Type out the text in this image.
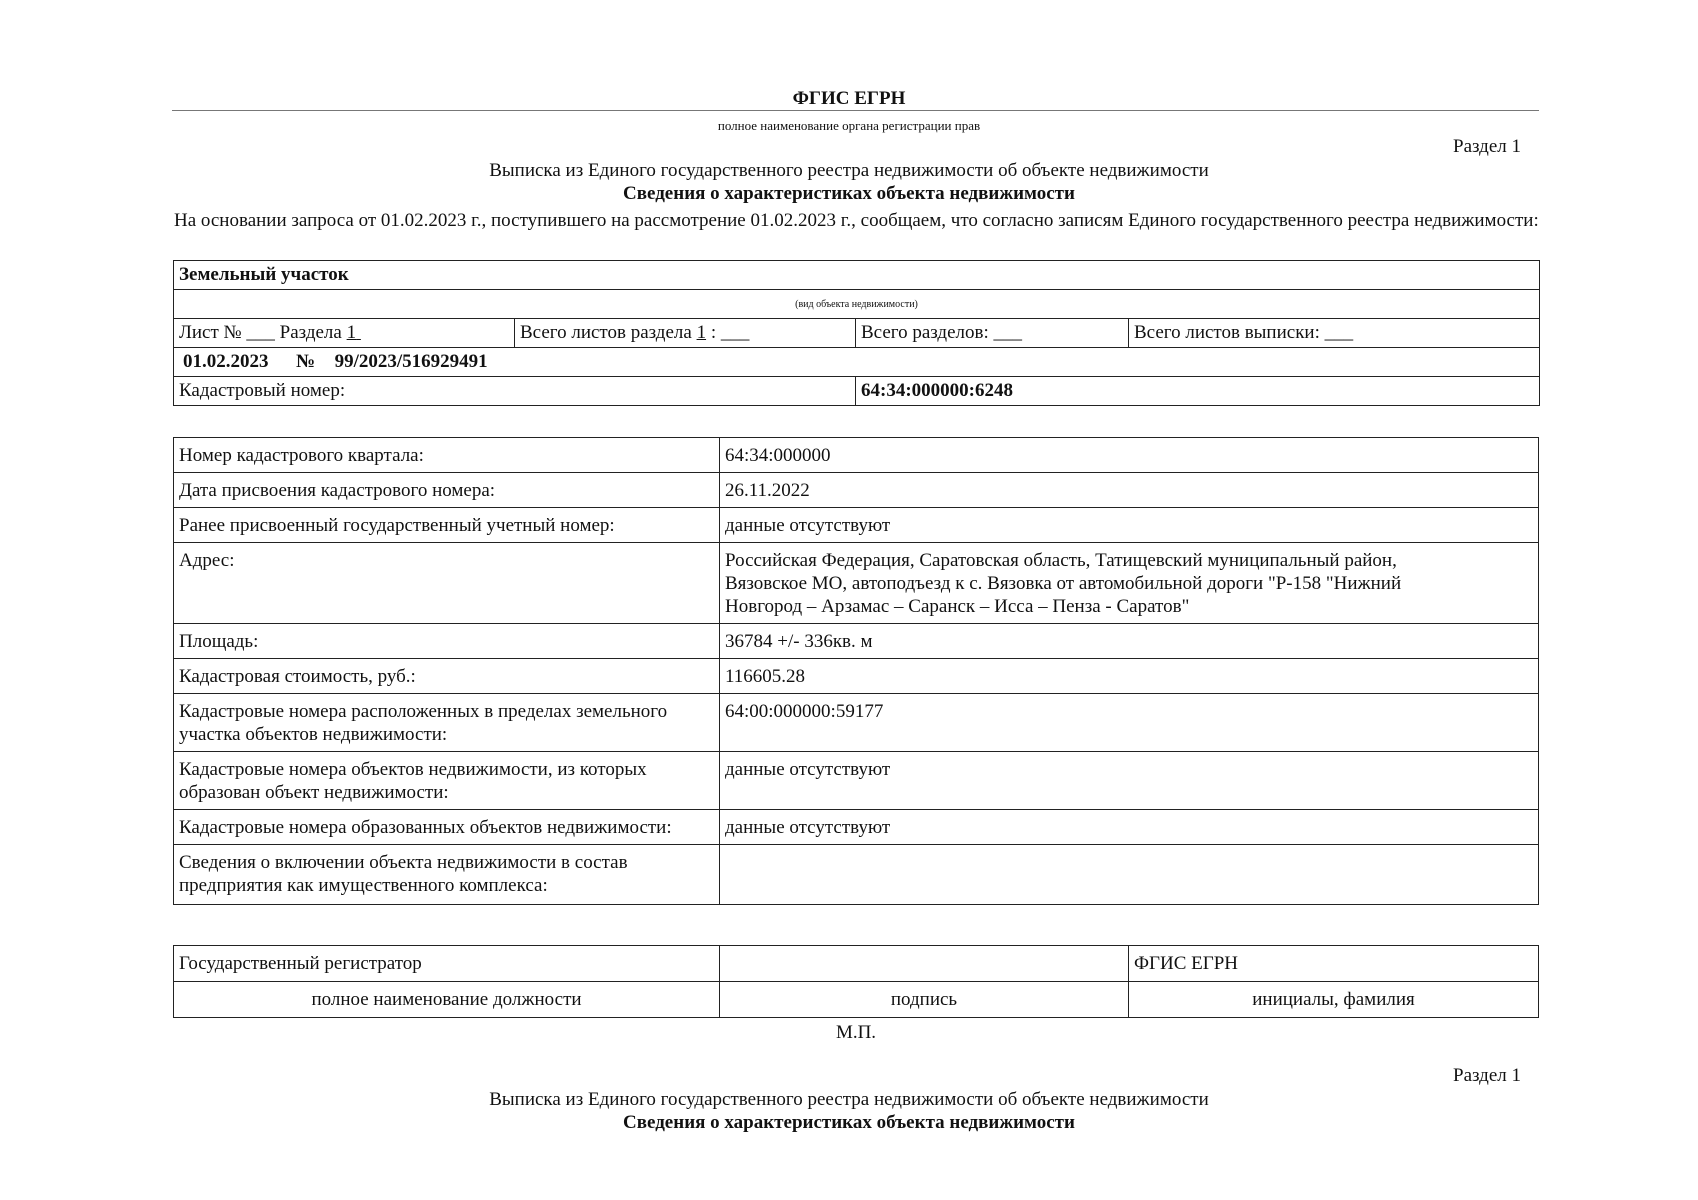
ФГИС ЕГРН
полное наименование органа регистрации прав
Раздел 1
Выписка из Единого государственного реестра недвижимости об объекте недвижимости
Сведения о характеристиках объекта недвижимости
На основании запроса от 01.02.2023 г., поступившего на рассмотрение 01.02.2023 г., сообщаем, что согласно записям Единого государственного реестра недвижимости:
Земельный участок			
(вид объекта недвижимости)			
Лист № ___ Раздела 1	Всего листов раздела 1 : ___	Всего разделов: ___	Всего листов выписки: ___
01.02.2023 № 99/2023/516929491			
Кадастровый номер:		64:34:000000:6248	
Номер кадастрового квартала:	64:34:000000
Дата присвоения кадастрового номера:	26.11.2022
Ранее присвоенный государственный учетный номер:	данные отсутствуют
Адрес:	Российская Федерация, Саратовская область, Татищевский муниципальный район, Вязовское МО, автоподъезд к с. Вязовка от автомобильной дороги "Р-158 "Нижний Новгород – Арзамас – Саранск – Исса – Пенза - Саратов"
Площадь:	36784 +/- 336кв. м
Кадастровая стоимость, руб.:	116605.28
Кадастровые номера расположенных в пределах земельного участка объектов недвижимости:	64:00:000000:59177
Кадастровые номера объектов недвижимости, из которых образован объект недвижимости:	данные отсутствуют
Кадастровые номера образованных объектов недвижимости:	данные отсутствуют
Сведения о включении объекта недвижимости в состав предприятия как имущественного комплекса:	
Государственный регистратор		ФГИС ЕГРН
полное наименование должности	подпись	инициалы, фамилия
М.П.
Раздел 1
Выписка из Единого государственного реестра недвижимости об объекте недвижимости
Сведения о характеристиках объекта недвижимости
